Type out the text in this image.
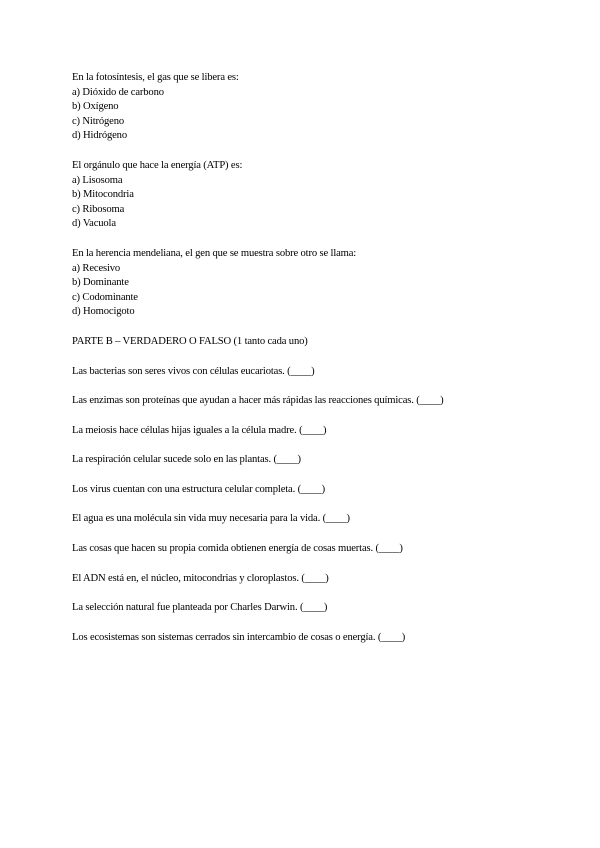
En la fotosíntesis, el gas que se libera es:
a) Dióxido de carbono
b) Oxígeno
c) Nitrógeno
d) Hidrógeno
El orgánulo que hace la energía (ATP) es:
a) Lisosoma
b) Mitocondria
c) Ribosoma
d) Vacuola
En la herencia mendeliana, el gen que se muestra sobre otro se llama:
a) Recesivo
b) Dominante
c) Codominante
d) Homocigoto
PARTE B – VERDADERO O FALSO (1 tanto cada uno)
Las bacterias son seres vivos con células eucariotas. (____)
Las enzimas son proteínas que ayudan a hacer más rápidas las reacciones químicas. (____)
La meiosis hace células hijas iguales a la célula madre. (____)
La respiración celular sucede solo en las plantas. (____)
Los virus cuentan con una estructura celular completa. (____)
El agua es una molécula sin vida muy necesaria para la vida. (____)
Las cosas que hacen su propia comida obtienen energía de cosas muertas. (____)
El ADN está en, el núcleo, mitocondrias y cloroplastos. (____)
La selección natural fue planteada por Charles Darwin. (____)
Los ecosistemas son sistemas cerrados sin intercambio de cosas o energía. (____)
